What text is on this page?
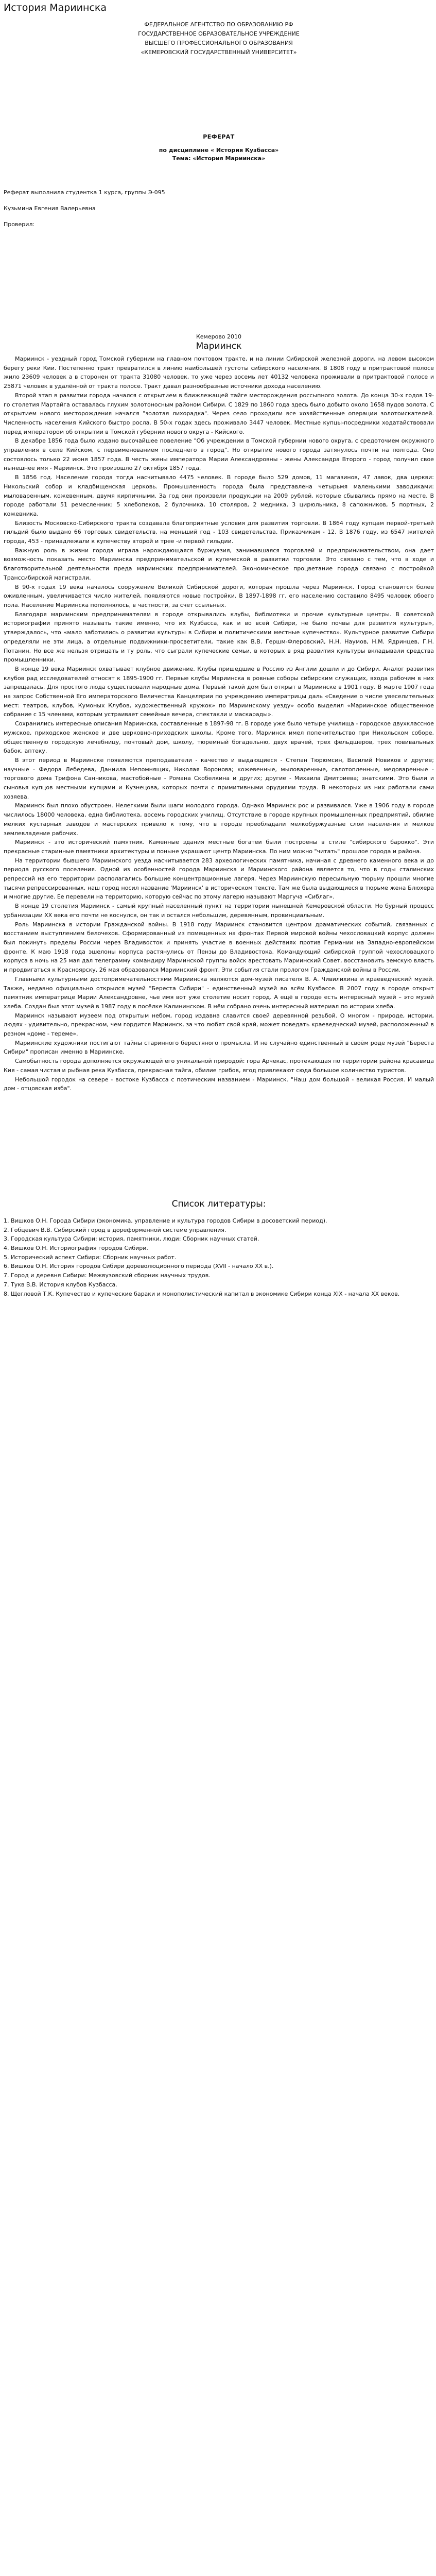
История Мариинска

ФЕДЕРАЛЬНОЕ АГЕНТСТВО ПО ОБРАЗОВАНИЮ РФ

ГОСУДАРСТВЕННОЕ ОБРАЗОВАТЕЛЬНОЕ УЧРЕЖДЕНИЕ

ВЫСШЕГО ПРОФЕССИОНАЛЬНОГО ОБРАЗОВАНИЯ

«КЕМЕРОВСКИЙ ГОСУДАРСТВЕННЫЙ УНИВЕРСИТЕТ»

РЕФЕРАТ
по дисциплине « История Кузбасса»
Тема: «История Мариинска»

Реферат выполнила студентка 1 курса, группы Э-095

Кузьмина Евгения Валерьевна

Проверил:

Кемерово 2010
Мариинск

Мариинск - уездный город Томской губернии на главном почтовом тракте, и на линии Сибирской железной дороги, на левом высоком берегу реки Кии. Постепенно тракт превратился в линию наибольшей густоты сибирского населения. В 1808 году в притрактовой полосе жило 23609 человек а в сторонен от тракта 31080 человек, то уже через восемь лет 40132 человека проживали в притрактовой полосе и 25871 человек в удалённой от тракта полосе. Тракт давал разнообразные источники дохода населению.

Второй этап в развитии города начался с открытием в ближлежащей тайге месторождения россыпного золота. До конца 30-х годов 19-го столетия Мартайга оставалась глухим золотоносным районом Сибири. С 1829 по 1860 года здесь было добыто около 1658 пудов золота. С открытием нового месторождения начался "золотая лихорадка". Через село проходили все хозяйственные операции золотоискателей. Численность населения Кийского быстро росла. В 50-х годах здесь проживало 3447 человек. Местные купцы-посредники ходатайствовали перед императором об открытии в Томской губернии нового округа - Кийского.

В декабре 1856 года было издано высочайшее повеление "Об учреждении в Томской губернии нового округа, с средоточием окружного управления в селе Кийском, с переименованием последнего в город". Но открытие нового города затянулось почти на полгода. Оно состоялось только 22 июня 1857 года. В честь жены императора Марии Александровны - жены Александра Второго - город получил свое нынешнее имя - Мариинск. Это произошло 27 октября 1857 года.

В 1856 год. Население города тогда насчитывало 4475 человек. В городе было 529 домов, 11 магазинов, 47 лавок, два церкви: Никольский собор и кладбищенская церковь. Промышленность города была представлена четырьмя маленькими заводиками: мыловаренным, кожевенным, двумя кирпичными. За год они произвели продукции на 2009 рублей, которые сбывались прямо на месте. В городе работали 51 ремесленник: 5 хлебопеков, 2 булочника, 10 столяров, 2 медника, 3 цирюльника, 8 сапожников, 5 портных, 2 кожевника.

Близость Московско-Сибирского тракта создавала благоприятные условия для развития торговли. В 1864 году купцам первой-третьей гильдий было выдано 66 торговых свидетельств, на меньший год - 103 свидетельства. Приказчикам - 12. В 1876 году, из 6547 жителей города, 453 - принадлежали к купечеству второй и трее -и первой гильдии.

Важную роль в жизни города играла нарождающаяся буржуазия, занимавшаяся торговлей и предпринимательством, она дает возможность показать место Мариинска предпринимательской и купеческой в развитии торговли. Это связано с тем, что в ходе и благотворительной деятельности преда мариинских предпринимателей. Экономическое процветание города связано с постройкой Транссибирской магистрали.

В 90-х годах 19 века началось сооружение Великой Сибирской дороги, которая прошла через Мариинск. Город становится более оживленным, увеличивается число жителей, появляются новые постройки. В 1897-1898 гг. его населению составило 8495 человек обоего пола. Население Мариинска пополнялось, в частности, за счет ссыльных.

Благодаря мариинским предпринимателям в городе открывались клубы, библиотеки и прочие культурные центры. В советской историографии принято называть такие именно, что их Кузбасса, как и во всей Сибири, не было почвы для развития культуры», утверждалось, что «мало заботились о развитии культуры в Сибири и политическими местные купечество». Культурное развитие Сибири определяли не эти лица, а отдельные подвижники-просветители, такие как В.В. Гершм-Флеровский, Н.Н. Наумов, Н.М. Ядринцев, Г.Н. Потанин. Но все же нельзя отрицать и ту роль, что сыграли купеческие семьи, в которых в ряд развития культуры вкладывали средства промышленники.

В конце 19 века Мариинск охватывает клубное движение. Клубы пришедшие в Россию из Англии дошли и до Сибири. Аналог развития клубов рад исследователей относят к 1895-1900 гг. Первые клубы Мариинска в ровные соборы сибирским служащих, входа рабочим в них запрещалась. Для простого люда существовали народные дома. Первый такой дом был открыт в Мариинске в 1901 году. В марте 1907 года на запрос Собственной Его императорского Величества Канцелярии по учреждению императрицы даль «Сведение о числе увеселительных мест: театров, клубов, Кумоных Клубов, художественный кружок» по Мариинскому уезду» особо выделил «Мариинское общественное собрание с 15 членами, которым устраивает семейные вечера, спектакли и маскарады».

Сохранились интересные описания Мариинска, составленные в 1897-98 гг. В городе уже было четыре училища - городское двухклассное мужское, приходское женское и две церковно-приходских школы. Кроме того, Мариинск имел попечительство при Никольском соборе, общественную городскую лечебницу, почтовый дом, школу, тюремный богадельню, двух врачей, трех фельдшеров, трех повивальных бабок, аптеку.

В этот период в Мариинске появляются преподаватели - качество и выдающиеся - Степан Тюрюмсин, Василий Новиков и другие; научные - Федора Лебедева, Даниила Непомнящих, Николая Воронова; кожевенные, мыловаренные, салотопленные, медоваренные - торгового дома Трифона Санникова, мастобойные - Романа Скобелкина и других; другие - Михаила Дмитриева; знатскими. Это были и сыновья купцов местными купцами и Кузнецова, которых почти с примитивными орудиями труда. В некоторых из них работали сами хозяева.

Мариинск был плохо обустроен. Нелегкими были шаги молодого города. Однако Мариинск рос и развивался. Уже в 1906 году в городе числилось 18000 человека, една библиотека, восемь городских училищ. Отсутствие в городе крупных промышленных предприятий, обилие мелких кустарных заводов и мастерских привело к тому, что в городе преобладали мелкобуржуазные слои населения и мелкое землевладение рабочих.

Мариинск - это исторический памятник. Каменные здания местные богатеи были построены в стиле "сибирского барокко". Эти прекрасные старинные памятники архитектуры и поныне украшают центр Мариинска. По ним можно "читать" прошлое города и района.

На территории бывшего Мариинского уезда насчитывается 283 археологических памятника, начиная с древнего каменного века и до периода русского поселения. Одной из особенностей города Мариинска и Мариинского района является то, что в годы сталинских репрессий на его территории располагались большие концентрационные лагеря. Через Мариинскую пересыльную тюрьму прошли многие тысячи репрессированных, наш город носил название 'Мариинск' в историческом тексте. Там же была выдающиеся в тюрьме жена Блюхера и многие другие. Ее перевели на территорию, которую сейчас по этому лагерю называют Маргуча «Сиблаг».

В конце 19 столетия Мариинск - самый крупный населенный пункт на территории нынешней Кемеровской области. Но бурный процесс урбанизации ХХ века его почти не коснулся, он так и остался небольшим, деревянным, провинциальным.

Роль Мариинска в истории Гражданской войны. В 1918 году Мариинск становится центром драматических событий, связанных с восстанием выступлением белочехов. Сформированный из помещенных на фронтах Первой мировой войны чехословацкий корпус должен был покинуть пределы России через Владивосток и принять участие в военных действиях против Германии на Западно-европейском фронте. К маю 1918 года эшелоны корпуса растянулись от Пензы до Владивостока. Командующий сибирской группой чехословацкого корпуса в ночь на 25 мая дал телеграмму командиру Мариинской группы войск арестовать Мариинский Совет, восстановить земскую власть и продвигаться к Красноярску, 26 мая образовался Мариинский фронт. Эти события стали прологом Гражданской войны в России.

Главными культурными достопримечательностями Мариинска являются дом-музей писателя В. А. Чивилихина и краеведческий музей. Также, недавно официально открылся музей "Береста Сибири" - единственный музей во всём Кузбассе. В 2007 году в городе открыт памятник императрице Марии Александровне, чье имя вот уже столетие носит город. А ещё в городе есть интересный музей – это музей хлеба. Создан был этот музей в 1987 году в посёлке Калининском. В нём собрано очень интересный материал по истории хлеба.

Мариинск называют музеем под открытым небом, город издавна славится своей деревянной резьбой. О многом - природе, истории, людях - удивительно, прекрасном, чем гордится Мариинск, за что любят свой край, может поведать краеведческий музей, расположенный в резном «доме - тереме».

Мариинские художники постигают тайны старинного берестяного промысла. И не случайно единственный в своём роде музей "Береста Сибири" прописан именно в Мариинске.

Самобытность города дополняется окружающей его уникальной природой: гора Арчекас, протекающая по территории района красавица Кия - самая чистая и рыбная река Кузбасса, прекрасная тайга, обилие грибов, ягод привлекают сюда большое количество туристов.

Небольшой городок на севере - востоке Кузбасса с поэтическим названием - Мариинск. "Наш дом большой - великая Россия. И малый дом - отцовская изба".

Список литературы:
1. Вишков О.Н. Города Сибири (экономика, управление и культура городов Сибири в досоветский период).
2. Гобцевич В.В. Сибирский город в дореформенной системе управления.
3. Городская культура Сибири: история, памятники, люди: Сборник научных статей.
4. Вишков О.Н. Историография городов Сибири.
5. Исторический аспект Сибири: Сборник научных работ.
6. Вишков О.Н. История городов Сибири дореволюционного периода (XVII - начало XX в.).
7. Город и деревня Сибири: Межвузовский сборник научных трудов.
7. Тукв В.В. История клубов Кузбасса.
8. Щегловой Т.К. Купечество и купеческие бараки и монополистический капитал в экономике Сибири конца XIX - начала XX веков.
